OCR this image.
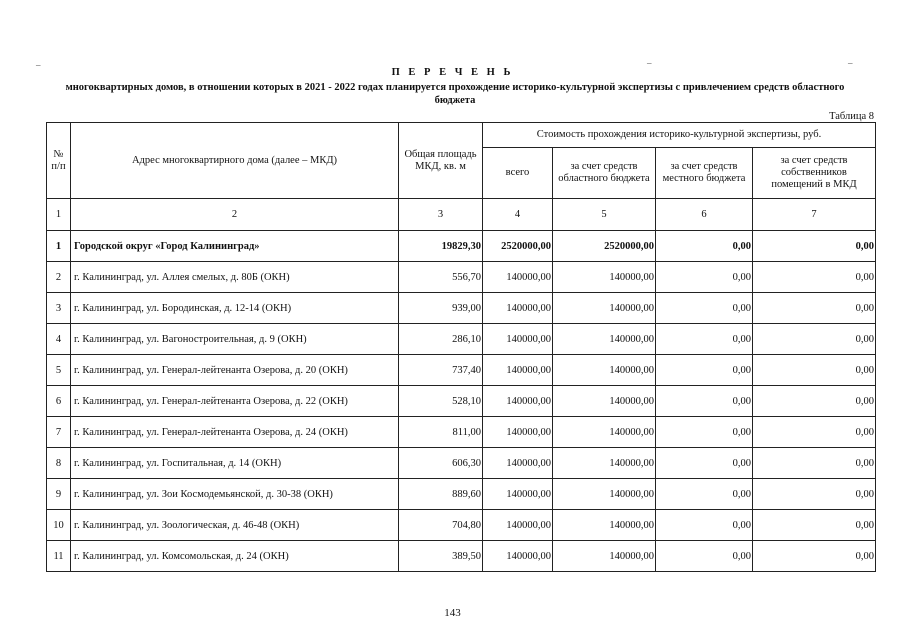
–	–	–
П Е Р Е Ч Е Н Ь
многоквартирных домов, в отношении которых в 2021 - 2022 годах планируется прохождение историко-культурной экспертизы с привлечением средств областного бюджета
Таблица 8
№ п/п	Адрес многоквартирного дома (далее – МКД)	Общая площадь МКД, кв. м	Стоимость прохождения историко-культурной экспертизы, руб.			
			всего	за счет средств областного бюджета	за счет средств местного бюджета	за счет средств собственников помещений в МКД
1	2	3	4	5	6	7
1	Городской округ «Город Калининград»	19829,30	2520000,00	2520000,00	0,00	0,00
2	г. Калининград, ул. Аллея смелых, д. 80Б (ОКН)	556,70	140000,00	140000,00	0,00	0,00
3	г. Калининград, ул. Бородинская, д. 12-14 (ОКН)	939,00	140000,00	140000,00	0,00	0,00
4	г. Калининград, ул. Вагоностроительная, д. 9 (ОКН)	286,10	140000,00	140000,00	0,00	0,00
5	г. Калининград, ул. Генерал-лейтенанта Озерова, д. 20 (ОКН)	737,40	140000,00	140000,00	0,00	0,00
6	г. Калининград, ул. Генерал-лейтенанта Озерова, д. 22 (ОКН)	528,10	140000,00	140000,00	0,00	0,00
7	г. Калининград, ул. Генерал-лейтенанта Озерова, д. 24 (ОКН)	811,00	140000,00	140000,00	0,00	0,00
8	г. Калининград, ул. Госпитальная, д. 14 (ОКН)	606,30	140000,00	140000,00	0,00	0,00
9	г. Калининград, ул. Зои Космодемьянской, д. 30-38 (ОКН)	889,60	140000,00	140000,00	0,00	0,00
10	г. Калининград, ул. Зоологическая, д. 46-48 (ОКН)	704,80	140000,00	140000,00	0,00	0,00
11	г. Калининград, ул. Комсомольская, д. 24 (ОКН)	389,50	140000,00	140000,00	0,00	0,00
143
